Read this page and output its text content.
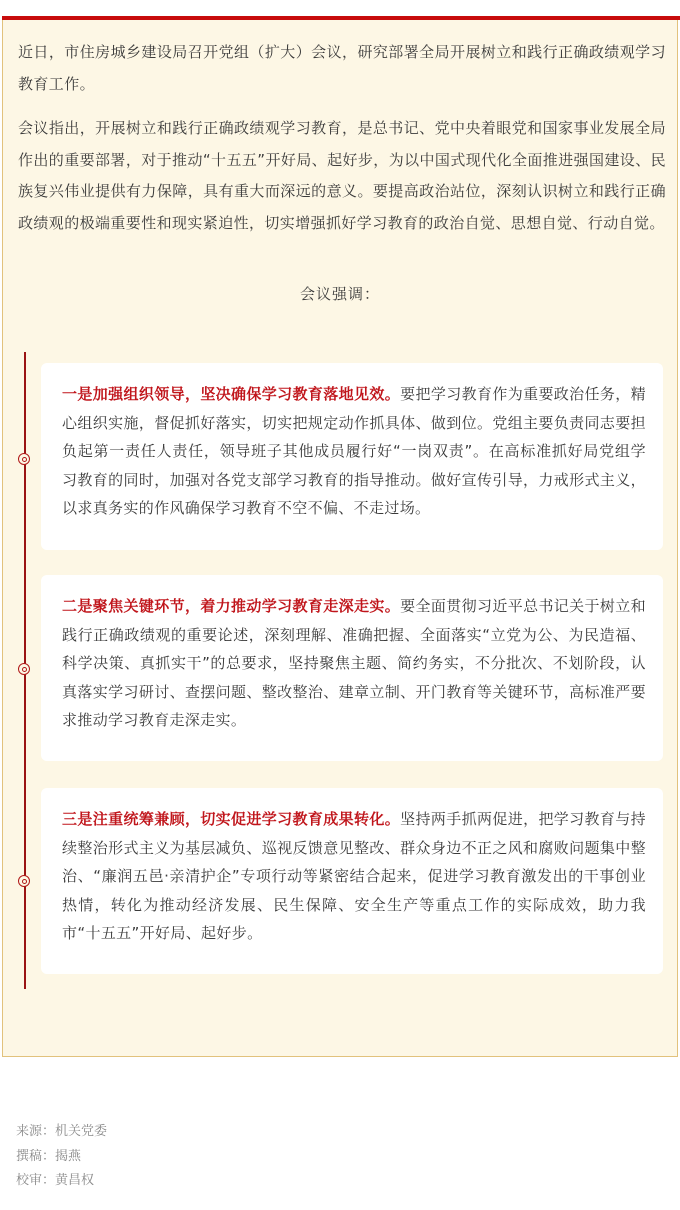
近日，市住房城乡建设局召开党组（扩大）会议，研究部署全局开展树立和践行正确政绩观学习教育工作。

会议指出，开展树立和践行正确政绩观学习教育，是总书记、党中央着眼党和国家事业发展全局作出的重要部署，对于推动“十五五”开好局、起好步，为以中国式现代化全面推进强国建设、民族复兴伟业提供有力保障，具有重大而深远的意义。要提高政治站位，深刻认识树立和践行正确政绩观的极端重要性和现实紧迫性，切实增强抓好学习教育的政治自觉、思想自觉、行动自觉。

会议强调：

一是加强组织领导，坚决确保学习教育落地见效。要把学习教育作为重要政治任务，精心组织实施，督促抓好落实，切实把规定动作抓具体、做到位。党组主要负责同志要担负起第一责任人责任，领导班子其他成员履行好“一岗双责”。在高标准抓好局党组学习教育的同时，加强对各党支部学习教育的指导推动。做好宣传引导，力戒形式主义，以求真务实的作风确保学习教育不空不偏、不走过场。

二是聚焦关键环节，着力推动学习教育走深走实。要全面贯彻习近平总书记关于树立和践行正确政绩观的重要论述，深刻理解、准确把握、全面落实“立党为公、为民造福、科学决策、真抓实干”的总要求，坚持聚焦主题、简约务实，不分批次、不划阶段，认真落实学习研讨、查摆问题、整改整治、建章立制、开门教育等关键环节，高标准严要求推动学习教育走深走实。

三是注重统筹兼顾，切实促进学习教育成果转化。坚持两手抓两促进，把学习教育与持续整治形式主义为基层减负、巡视反馈意见整改、群众身边不正之风和腐败问题集中整治、“廉润五邑·亲清护企”专项行动等紧密结合起来，促进学习教育激发出的干事创业热情，转化为推动经济发展、民生保障、安全生产等重点工作的实际成效，助力我市“十五五”开好局、起好步。

来源：机关党委
撰稿：揭燕
校审：黄昌权
